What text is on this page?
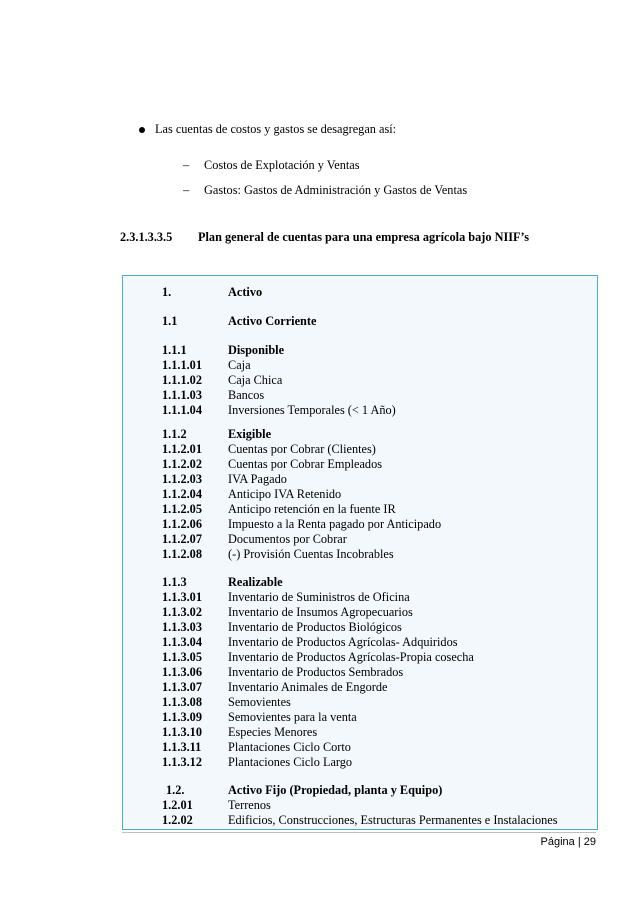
Las cuentas de costos y gastos se desagregan así:
– Costos de Explotación y Ventas
– Gastos: Gastos de Administración y Gastos de Ventas
2.3.1.3.3.5 Plan general de cuentas para una empresa agrícola bajo NIIF’s
1.	Activo
1.1	Activo Corriente
1.1.1	Disponible
1.1.1.01 Caja
1.1.1.02 Caja Chica
1.1.1.03 Bancos
1.1.1.04 Inversiones Temporales (< 1 Año)
1.1.2	Exigible
1.1.2.01 Cuentas por Cobrar (Clientes)
1.1.2.02 Cuentas por Cobrar Empleados
1.1.2.03 IVA Pagado
1.1.2.04 Anticipo IVA Retenido
1.1.2.05 Anticipo retención en la fuente IR
1.1.2.06 Impuesto a la Renta pagado por Anticipado
1.1.2.07 Documentos por Cobrar
1.1.2.08 (-) Provisión Cuentas Incobrables
1.1.3	Realizable
1.1.3.01 Inventario de Suministros de Oficina
1.1.3.02 Inventario de Insumos Agropecuarios
1.1.3.03 Inventario de Productos Biológicos
1.1.3.04 Inventario de Productos Agrícolas- Adquiridos
1.1.3.05 Inventario de Productos Agrícolas-Propia cosecha
1.1.3.06 Inventario de Productos Sembrados
1.1.3.07 Inventario Animales de Engorde
1.1.3.08 Semovientes
1.1.3.09 Semovientes para la venta
1.1.3.10 Especies Menores
1.1.3.11 Plantaciones Ciclo Corto
1.1.3.12 Plantaciones Ciclo Largo
1.2.	Activo Fijo (Propiedad, planta y Equipo)
1.2.01	Terrenos
1.2.02	Edificios, Construcciones, Estructuras Permanentes e Instalaciones
Página | 29
